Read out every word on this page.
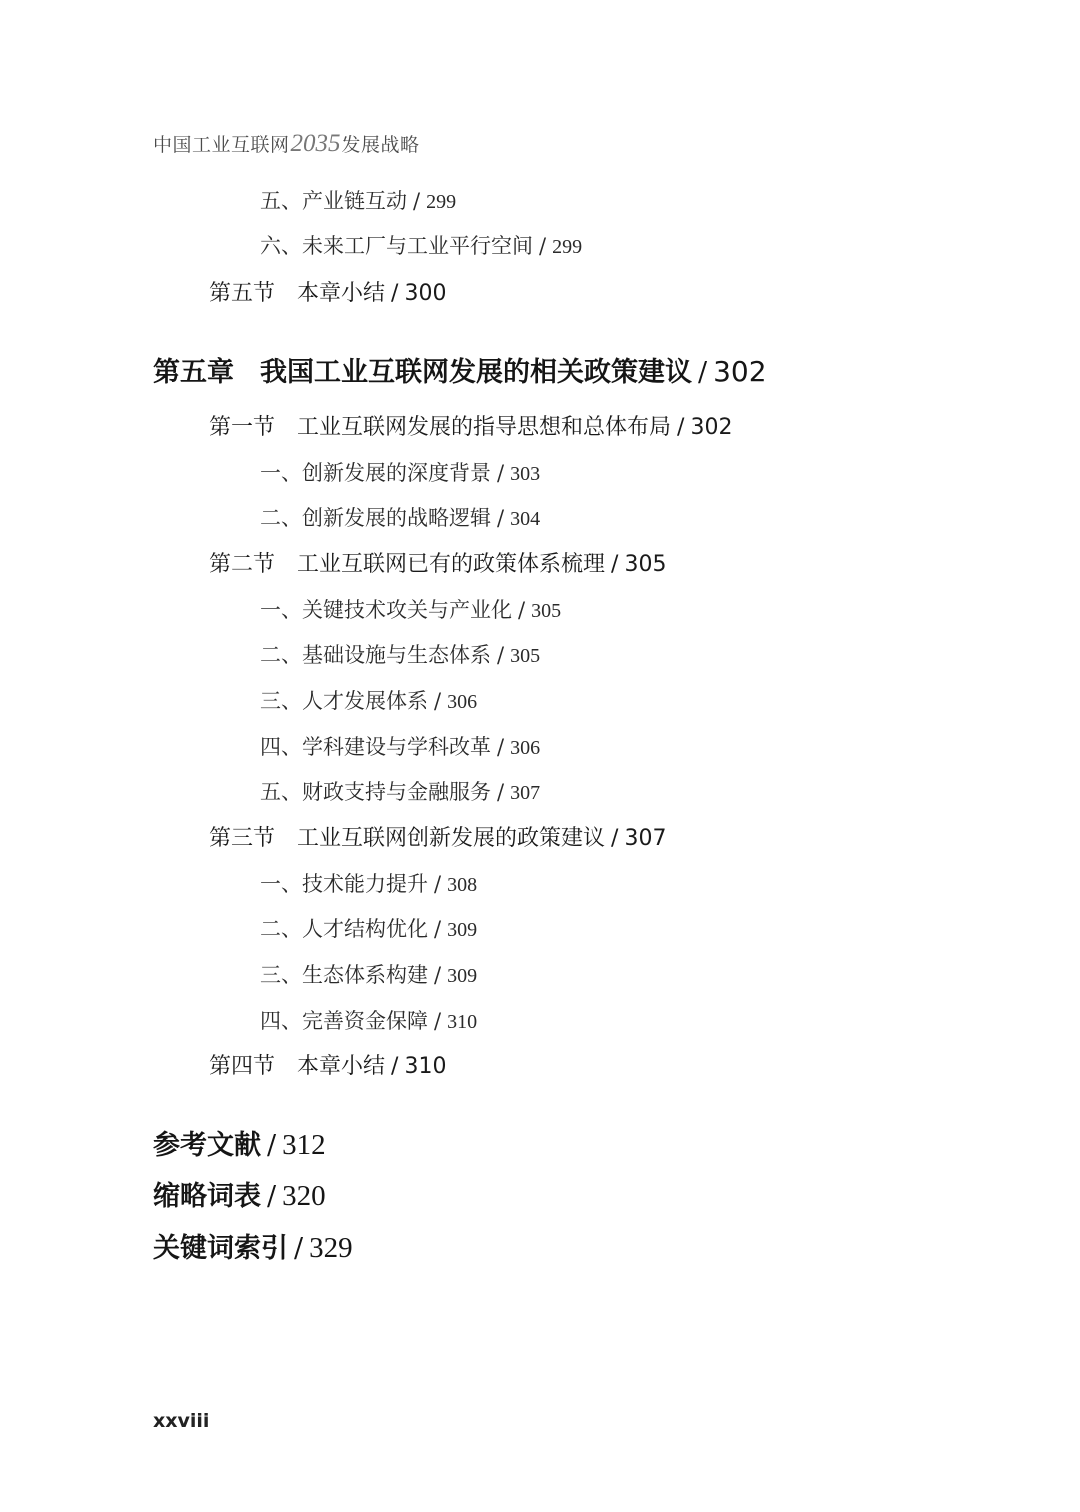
中国工业互联网2035发展战略
五、产业链互动 / 299
六、未来工厂与工业平行空间 / 299
第五节 本章小结 / 300
第五章 我国工业互联网发展的相关政策建议 / 302
第一节 工业互联网发展的指导思想和总体布局 / 302
一、创新发展的深度背景 / 303
二、创新发展的战略逻辑 / 304
第二节 工业互联网已有的政策体系梳理 / 305
一、关键技术攻关与产业化 / 305
二、基础设施与生态体系 / 305
三、人才发展体系 / 306
四、学科建设与学科改革 / 306
五、财政支持与金融服务 / 307
第三节 工业互联网创新发展的政策建议 / 307
一、技术能力提升 / 308
二、人才结构优化 / 309
三、生态体系构建 / 309
四、完善资金保障 / 310
第四节 本章小结 / 310
参考文献 / 312
缩略词表 / 320
关键词索引 / 329
xxviii
